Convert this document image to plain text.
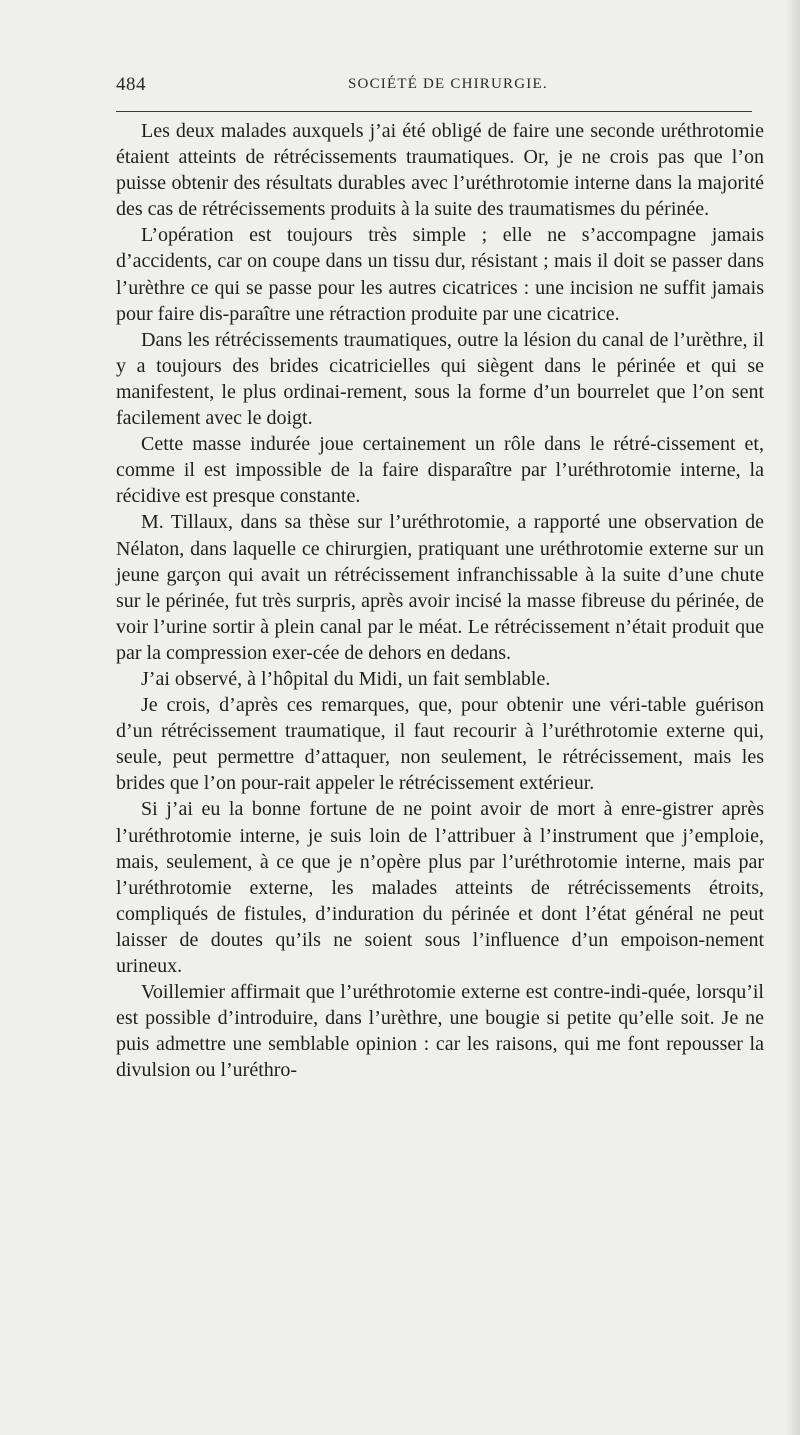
484	SOCIÉTÉ DE CHIRURGIE.

Les deux malades auxquels j’ai été obligé de faire une seconde uréthrotomie étaient atteints de rétrécissements traumatiques. Or, je ne crois pas que l’on puisse obtenir des résultats durables avec l’uréthrotomie interne dans la majorité des cas de rétrécissements produits à la suite des traumatismes du périnée.

L’opération est toujours très simple ; elle ne s’accompagne jamais d’accidents, car on coupe dans un tissu dur, résistant ; mais il doit se passer dans l’urèthre ce qui se passe pour les autres cicatrices : une incision ne suffit jamais pour faire dis-paraître une rétraction produite par une cicatrice.

Dans les rétrécissements traumatiques, outre la lésion du canal de l’urèthre, il y a toujours des brides cicatricielles qui siègent dans le périnée et qui se manifestent, le plus ordinai-rement, sous la forme d’un bourrelet que l’on sent facilement avec le doigt.

Cette masse indurée joue certainement un rôle dans le rétré-cissement et, comme il est impossible de la faire disparaître par l’uréthrotomie interne, la récidive est presque constante.

M. Tillaux, dans sa thèse sur l’uréthrotomie, a rapporté une observation de Nélaton, dans laquelle ce chirurgien, pratiquant une uréthrotomie externe sur un jeune garçon qui avait un rétrécissement infranchissable à la suite d’une chute sur le périnée, fut très surpris, après avoir incisé la masse fibreuse du périnée, de voir l’urine sortir à plein canal par le méat. Le rétrécissement n’était produit que par la compression exer-cée de dehors en dedans.

J’ai observé, à l’hôpital du Midi, un fait semblable.

Je crois, d’après ces remarques, que, pour obtenir une véri-table guérison d’un rétrécissement traumatique, il faut recourir à l’uréthrotomie externe qui, seule, peut permettre d’attaquer, non seulement, le rétrécissement, mais les brides que l’on pour-rait appeler le rétrécissement extérieur.

Si j’ai eu la bonne fortune de ne point avoir de mort à enre-gistrer après l’uréthrotomie interne, je suis loin de l’attribuer à l’instrument que j’emploie, mais, seulement, à ce que je n’opère plus par l’uréthrotomie interne, mais par l’uréthrotomie externe, les malades atteints de rétrécissements étroits, compliqués de fistules, d’induration du périnée et dont l’état général ne peut laisser de doutes qu’ils ne soient sous l’influence d’un empoison-nement urineux.

Voillemier affirmait que l’uréthrotomie externe est contre-indi-quée, lorsqu’il est possible d’introduire, dans l’urèthre, une bougie si petite qu’elle soit. Je ne puis admettre une semblable opinion : car les raisons, qui me font repousser la divulsion ou l’uréthro-
